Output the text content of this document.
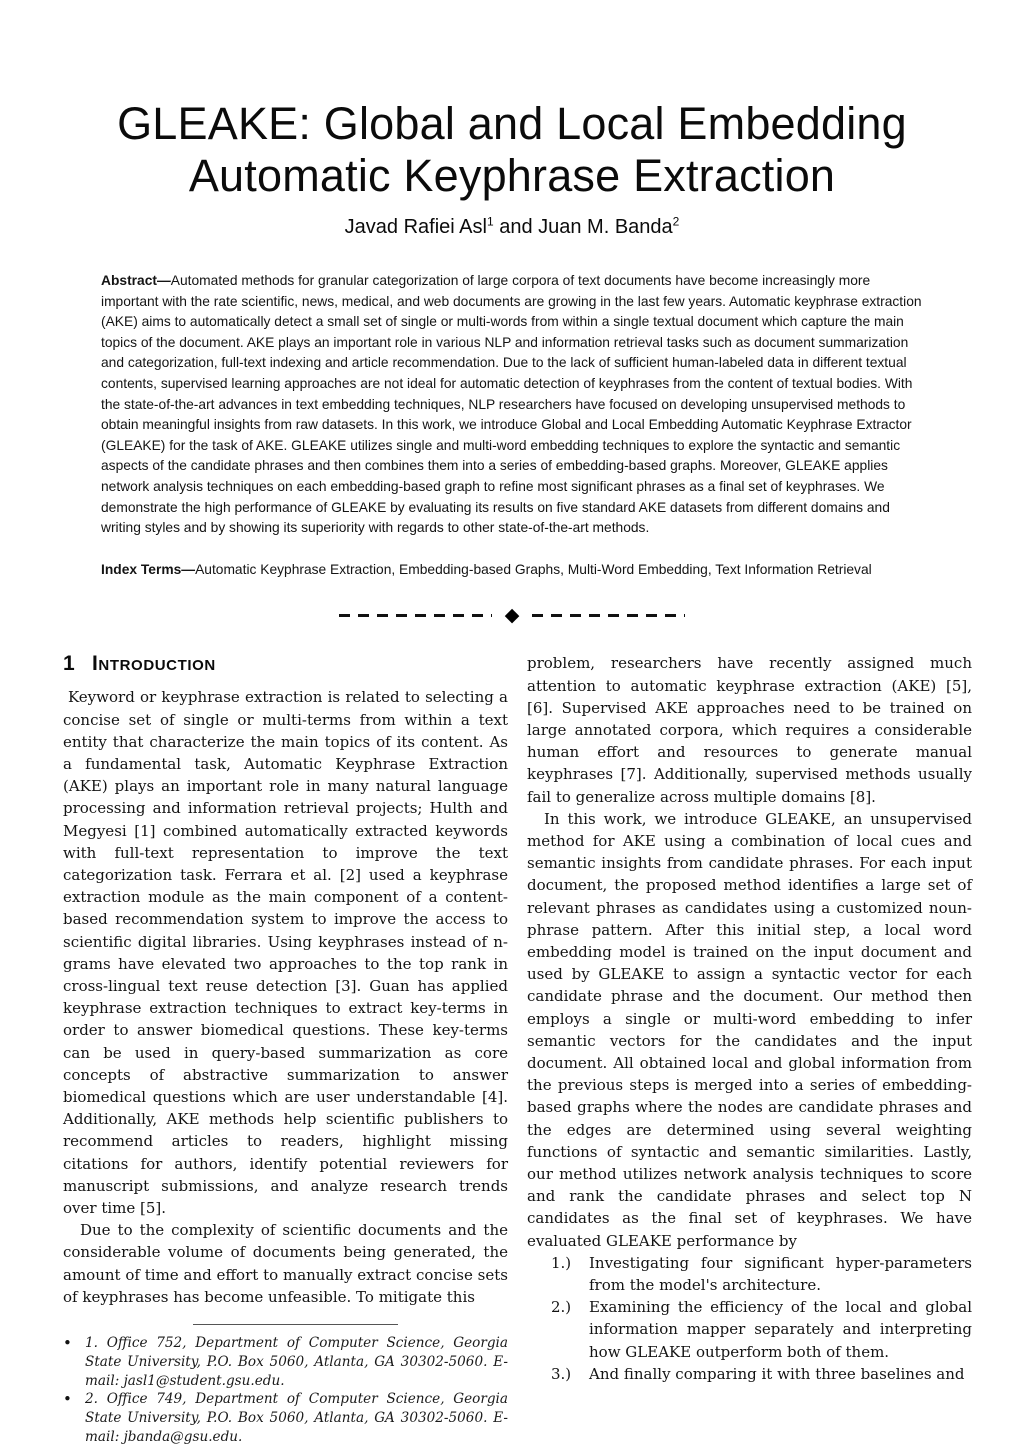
GLEAKE: Global and Local Embedding
Automatic Keyphrase Extraction
Javad Rafiei Asl$^1$ and Juan M. Banda$^2$

Abstract—Automated methods for granular categorization of large corpora of text documents have become increasingly more important with the rate scientific, news, medical, and web documents are growing in the last few years. Automatic keyphrase extraction (AKE) aims to automatically detect a small set of single or multi-words from within a single textual document which capture the main topics of the document. AKE plays an important role in various NLP and information retrieval tasks such as document summarization and categorization, full-text indexing and article recommendation. Due to the lack of sufficient human-labeled data in different textual contents, supervised learning approaches are not ideal for automatic detection of keyphrases from the content of textual bodies. With the state-of-the-art advances in text embedding techniques, NLP researchers have focused on developing unsupervised methods to obtain meaningful insights from raw datasets. In this work, we introduce Global and Local Embedding Automatic Keyphrase Extractor (GLEAKE) for the task of AKE. GLEAKE utilizes single and multi-word embedding techniques to explore the syntactic and semantic aspects of the candidate phrases and then combines them into a series of embedding-based graphs. Moreover, GLEAKE applies network analysis techniques on each embedding-based graph to refine most significant phrases as a final set of keyphrases. We demonstrate the high performance of GLEAKE by evaluating its results on five standard AKE datasets from different domains and writing styles and by showing its superiority with regards to other state-of-the-art methods.

Index Terms—Automatic Keyphrase Extraction, Embedding-based Graphs, Multi-Word Embedding, Text Information Retrieval

◆
1 Introduction

Keyword or keyphrase extraction is related to selecting a concise set of single or multi-terms from within a text entity that characterize the main topics of its content. As a fundamental task, Automatic Keyphrase Extraction (AKE) plays an important role in many natural language processing and information retrieval projects; Hulth and Megyesi [1] combined automatically extracted keywords with full-text representation to improve the text categorization task. Ferrara et al. [2] used a keyphrase extraction module as the main component of a content-based recommendation system to improve the access to scientific digital libraries. Using keyphrases instead of n-grams have elevated two approaches to the top rank in cross-lingual text reuse detection [3]. Guan has applied keyphrase extraction techniques to extract key-terms in order to answer biomedical questions. These key-terms can be used in query-based summarization as core concepts of abstractive summarization to answer biomedical questions which are user understandable [4]. Additionally, AKE methods help scientific publishers to recommend articles to readers, highlight missing citations for authors, identify potential reviewers for manuscript submissions, and analyze research trends over time [5].

Due to the complexity of scientific documents and the considerable volume of documents being generated, the amount of time and effort to manually extract concise sets of keyphrases has become unfeasible. To mitigate this

• 1. Office 752, Department of Computer Science, Georgia State University, P.O. Box 5060, Atlanta, GA 30302-5060. E-mail: jasl1@student.gsu.edu.
• 2. Office 749, Department of Computer Science, Georgia State University, P.O. Box 5060, Atlanta, GA 30302-5060. E-mail: jbanda@gsu.edu.

problem, researchers have recently assigned much attention to automatic keyphrase extraction (AKE) [5], [6]. Supervised AKE approaches need to be trained on large annotated corpora, which requires a considerable human effort and resources to generate manual keyphrases [7]. Additionally, supervised methods usually fail to generalize across multiple domains [8].

In this work, we introduce GLEAKE, an unsupervised method for AKE using a combination of local cues and semantic insights from candidate phrases. For each input document, the proposed method identifies a large set of relevant phrases as candidates using a customized noun-phrase pattern. After this initial step, a local word embedding model is trained on the input document and used by GLEAKE to assign a syntactic vector for each candidate phrase and the document. Our method then employs a single or multi-word embedding to infer semantic vectors for the candidates and the input document. All obtained local and global information from the previous steps is merged into a series of embedding-based graphs where the nodes are candidate phrases and the edges are determined using several weighting functions of syntactic and semantic similarities. Lastly, our method utilizes network analysis techniques to score and rank the candidate phrases and select top N candidates as the final set of keyphrases. We have evaluated GLEAKE performance by

1.)	Investigating four significant hyper-parameters from the model's architecture.
2.)	Examining the efficiency of the local and global information mapper separately and interpreting how GLEAKE outperform both of them.
3.)	And finally comparing it with three baselines and
